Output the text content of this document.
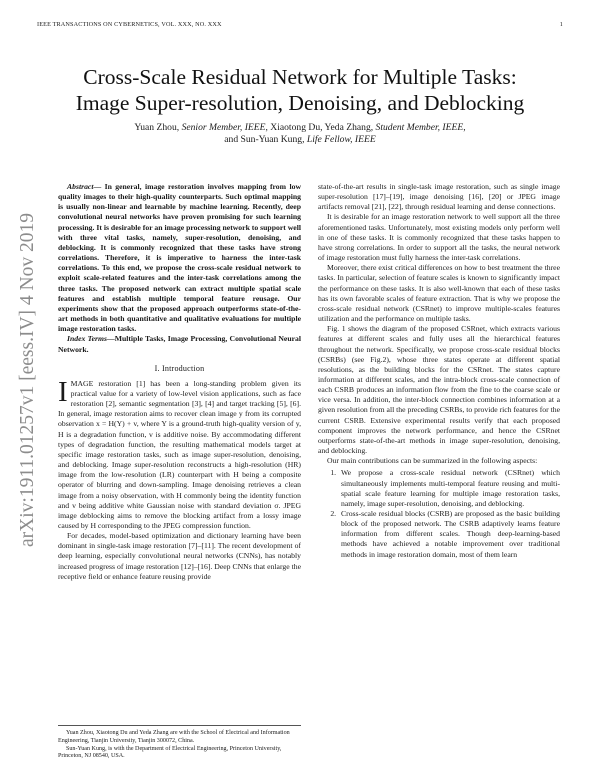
IEEE TRANSACTIONS ON CYBERNETICS, VOL. XXX, NO. XXX	1
Cross-Scale Residual Network for Multiple Tasks:
Image Super-resolution, Denoising, and Deblocking
Yuan Zhou, Senior Member, IEEE, Xiaotong Du, Yeda Zhang, Student Member, IEEE,
and Sun-Yuan Kung, Life Fellow, IEEE
arXiv:1911.01257v1 [eess.IV] 4 Nov 2019

Abstract— In general, image restoration involves mapping from low quality images to their high-quality counterparts. Such optimal mapping is usually non-linear and learnable by machine learning. Recently, deep convolutional neural networks have proven promising for such learning processing. It is desirable for an image processing network to support well with three vital tasks, namely, super-resolution, denoising, and deblocking. It is commonly recognized that these tasks have strong correlations. Therefore, it is imperative to harness the inter-task correlations. To this end, we propose the cross-scale residual network to exploit scale-related features and the inter-task correlations among the three tasks. The proposed network can extract multiple spatial scale features and establish multiple temporal feature reusage. Our experiments show that the proposed approach outperforms state-of-the-art methods in both quantitative and qualitative evaluations for multiple image restoration tasks.

Index Terms—Multiple Tasks, Image Processing, Convolutional Neural Network.

I. Introduction

IMAGE restoration [1] has been a long-standing problem given its practical value for a variety of low-level vision applications, such as face restoration [2], semantic segmentation [3], [4] and target tracking [5], [6]. In general, image restoration aims to recover clean image y from its corrupted observation x = H(Y) + v, where Y is a ground-truth high-quality version of y, H is a degradation function, v is additive noise. By accommodating different types of degradation function, the resulting mathematical models target at specific image restoration tasks, such as image super-resolution, denoising, and deblocking. Image super-resolution reconstructs a high-resolution (HR) image from the low-resolution (LR) counterpart with H being a composite operator of blurring and down-sampling. Image denoising retrieves a clean image from a noisy observation, with H commonly being the identity function and v being additive white Gaussian noise with standard deviation σ. JPEG image deblocking aims to remove the blocking artifact from a lossy image caused by H corresponding to the JPEG compression function.

For decades, model-based optimization and dictionary learning have been dominant in single-task image restoration [7]–[11]. The recent development of deep learning, especially convolutional neural networks (CNNs), has notably increased progress of image restoration [12]–[16]. Deep CNNs that enlarge the receptive field or enhance feature reusing provide

state-of-the-art results in single-task image restoration, such as single image super-resolution [17]–[19], image denoising [16], [20] or JPEG image artifacts removal [21], [22], through residual learning and dense connections.

It is desirable for an image restoration network to well support all the three aforementioned tasks. Unfortunately, most existing models only perform well in one of these tasks. It is commonly recognized that these tasks happen to have strong correlations. In order to support all the tasks, the neural network of image restoration must fully harness the inter-task correlations.

Moreover, there exist critical differences on how to best treatment the three tasks. In particular, selection of feature scales is known to significantly impact the performance on these tasks. It is also well-known that each of these tasks has its own favorable scales of feature extraction. That is why we propose the cross-scale residual network (CSRnet) to improve multiple-scales features utilization and the performance on multiple tasks.

Fig. 1 shows the diagram of the proposed CSRnet, which extracts various features at different scales and fully uses all the hierarchical features throughout the network. Specifically, we propose cross-scale residual blocks (CSRBs) (see Fig.2), whose three states operate at different spatial resolutions, as the building blocks for the CSRnet. The states capture information at different scales, and the intra-block cross-scale connection of each CSRB produces an information flow from the fine to the coarse scale or vice versa. In addition, the inter-block connection combines information at a given resolution from all the preceding CSRBs, to provide rich features for the current CSRB. Extensive experimental results verify that each proposed component improves the network performance, and hence the CSRnet outperforms state-of-the-art methods in image super-resolution, denoising, and deblocking.

Our main contributions can be summarized in the following aspects:

1. We propose a cross-scale residual network (CSRnet) which simultaneously implements multi-temporal feature reusing and multi-spatial scale feature learning for multiple image restoration tasks, namely, image super-resolution, denoising, and deblocking.
2. Cross-scale residual blocks (CSRB) are proposed as the basic building block of the proposed network. The CSRB adaptively learns feature information from different scales. Though deep-learning-based methods have achieved a notable improvement over traditional methods in image restoration domain, most of them learn

Yuan Zhou, Xiaotong Du and Yeda Zhang are with the School of Electrical and Information Engineering, Tianjin University, Tianjin 300072, China.

Sun-Yuan Kung, is with the Department of Electrical Engineering, Princeton University, Princeton, NJ 08540, USA.
